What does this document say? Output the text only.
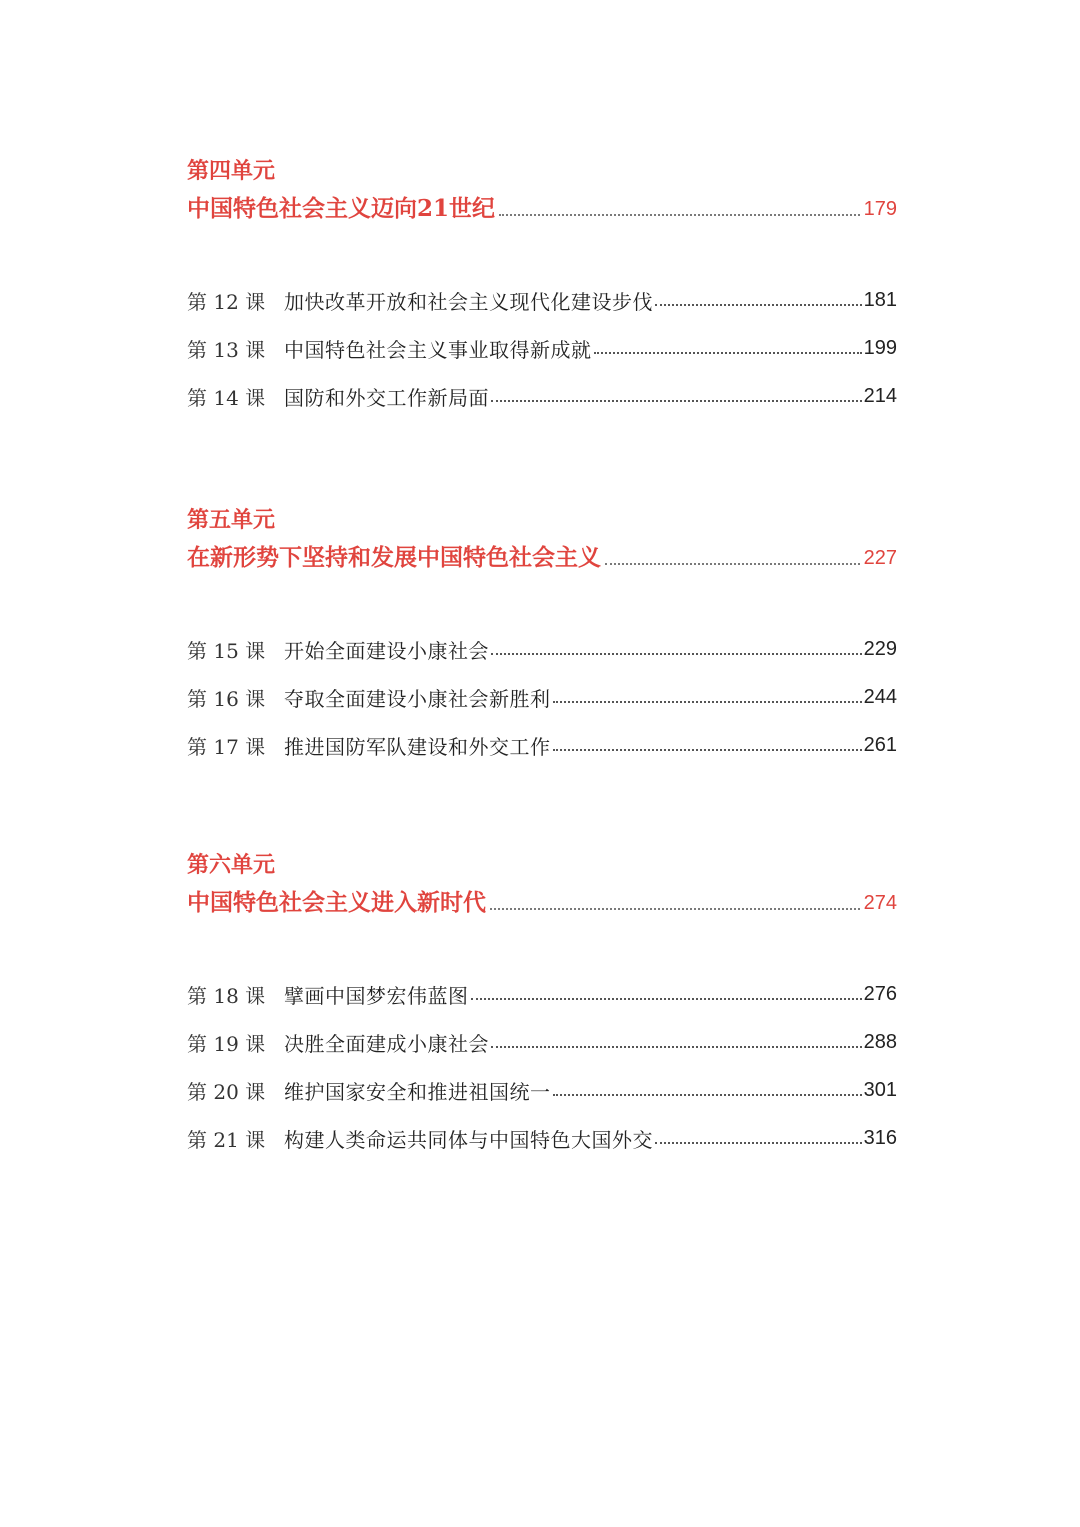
第四单元
中国特色社会主义迈向21世纪	179
第 12 课 加快改革开放和社会主义现代化建设步伐	181
第 13 课 中国特色社会主义事业取得新成就	199
第 14 课 国防和外交工作新局面	214
第五单元
在新形势下坚持和发展中国特色社会主义	227
第 15 课 开始全面建设小康社会	229
第 16 课 夺取全面建设小康社会新胜利	244
第 17 课 推进国防军队建设和外交工作	261
第六单元
中国特色社会主义进入新时代	274
第 18 课 擘画中国梦宏伟蓝图	276
第 19 课 决胜全面建成小康社会	288
第 20 课 维护国家安全和推进祖国统一	301
第 21 课 构建人类命运共同体与中国特色大国外交	316
